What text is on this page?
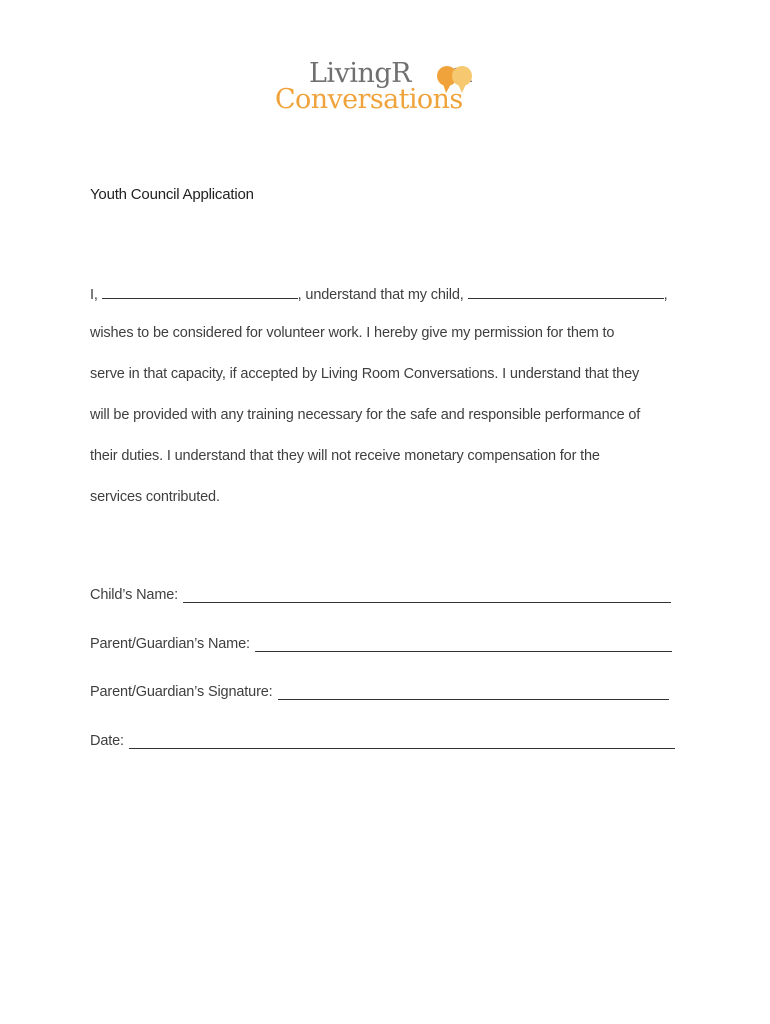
LivingR
Conversations
Youth Council Application
I,	, understand that my child,	,
wishes to be considered for volunteer work. I hereby give my permission for them to
serve in that capacity, if accepted by Living Room Conversations. I understand that they
will be provided with any training necessary for the safe and responsible performance of
their duties. I understand that they will not receive monetary compensation for the
services contributed.
Child’s Name:
Parent/Guardian’s Name:
Parent/Guardian’s Signature:
Date:
